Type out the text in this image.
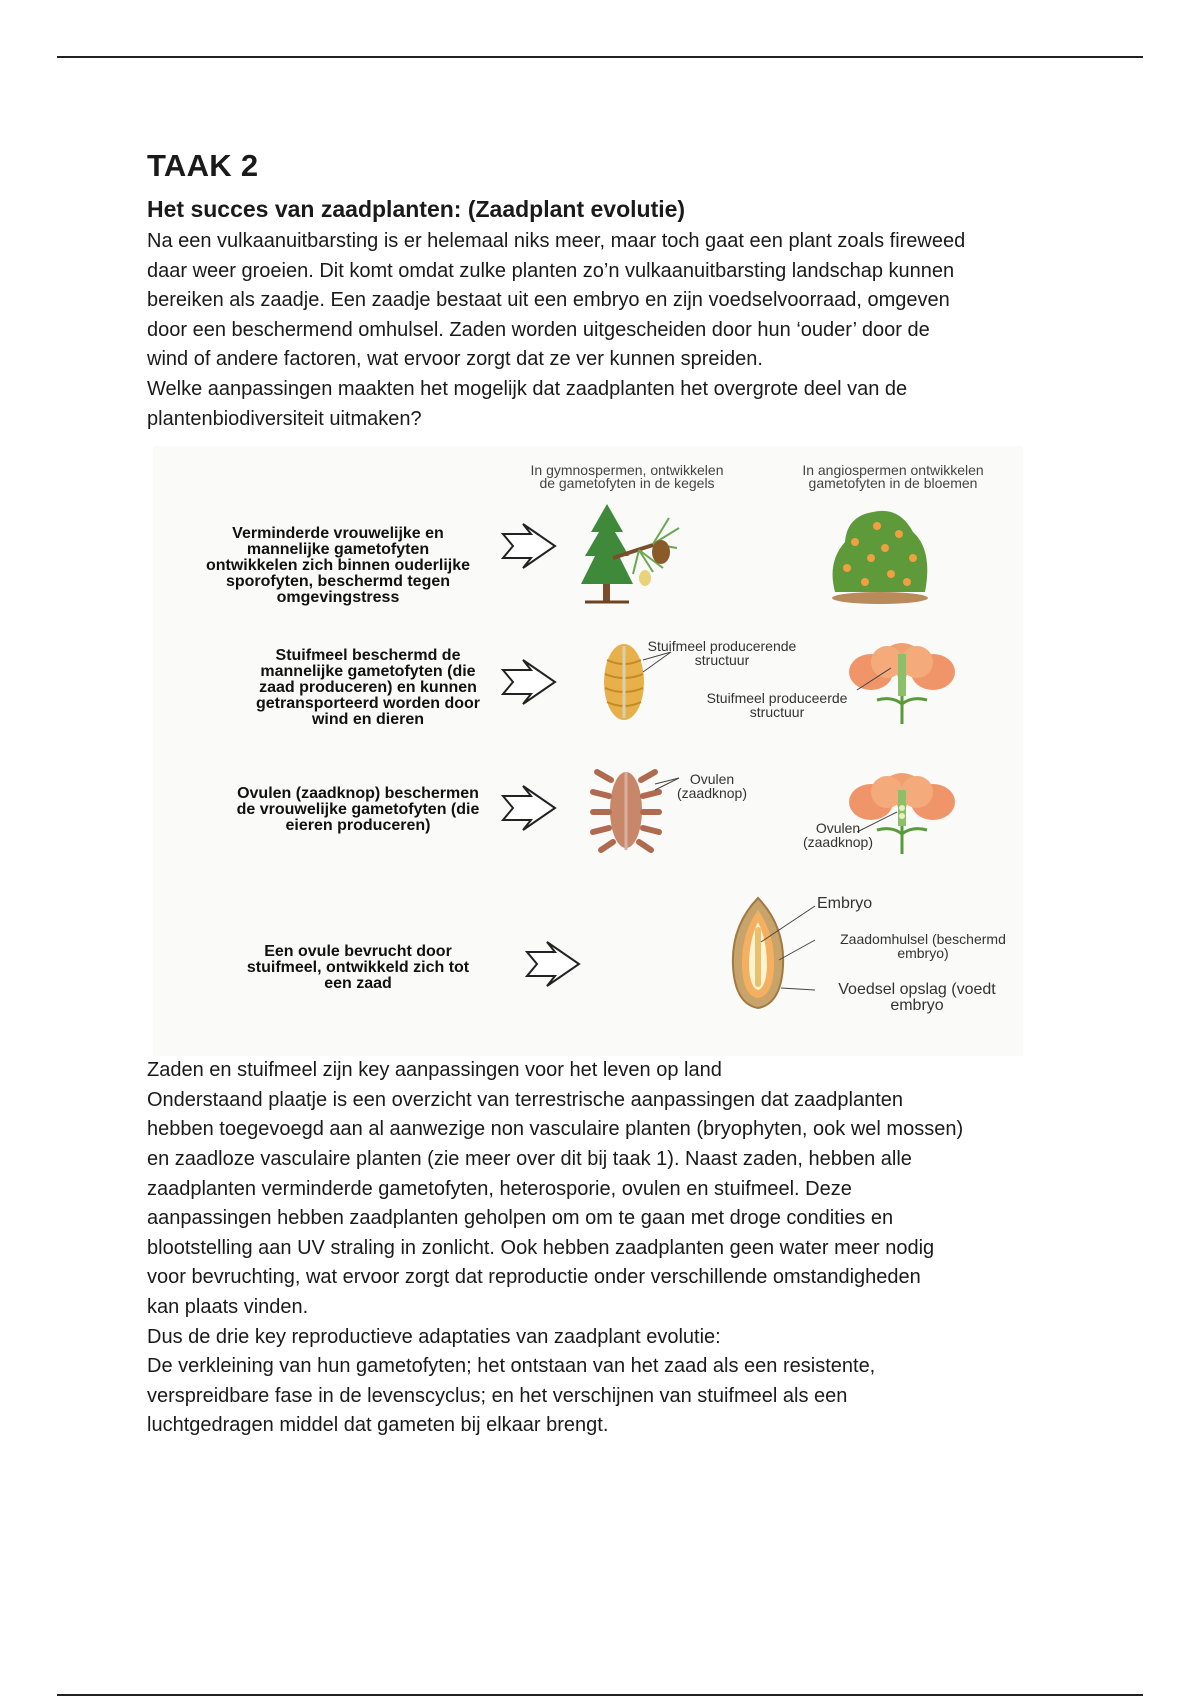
TAAK 2
Het succes van zaadplanten: (Zaadplant evolutie)

Na een vulkaanuitbarsting is er helemaal niks meer, maar toch gaat een plant zoals fireweed
daar weer groeien. Dit komt omdat zulke planten zo’n vulkaanuitbarsting landschap kunnen
bereiken als zaadje. Een zaadje bestaat uit een embryo en zijn voedselvoorraad, omgeven
door een beschermend omhulsel. Zaden worden uitgescheiden door hun ‘ouder’ door de
wind of andere factoren, wat ervoor zorgt dat ze ver kunnen spreiden.
Welke aanpassingen maakten het mogelijk dat zaadplanten het overgrote deel van de
plantenbiodiversiteit uitmaken?

In gymnospermen, ontwikkelen
de gametofyten in de kegels
In angiospermen ontwikkelen
gametofyten in de bloemen
Verminderde vrouwelijke en
mannelijke gametofyten
ontwikkelen zich binnen ouderlijke
sporofyten, beschermd tegen
omgevingstress
Stuifmeel beschermd de
mannelijke gametofyten (die
zaad produceren) en kunnen
getransporteerd worden door
wind en dieren
Stuifmeel producerende
structuur
Stuifmeel produceerde
structuur
Ovulen (zaadknop) beschermen
de vrouwelijke gametofyten (die
eieren produceren)
Ovulen
(zaadknop)
Ovulen
(zaadknop)
Een ovule bevrucht door
stuifmeel, ontwikkeld zich tot
een zaad
Embryo
Zaadomhulsel (beschermd
embryo)
Voedsel opslag (voedt
embryo

Zaden en stuifmeel zijn key aanpassingen voor het leven op land
Onderstaand plaatje is een overzicht van terrestrische aanpassingen dat zaadplanten
hebben toegevoegd aan al aanwezige non vasculaire planten (bryophyten, ook wel mossen)
en zaadloze vasculaire planten (zie meer over dit bij taak 1). Naast zaden, hebben alle
zaadplanten verminderde gametofyten, heterosporie, ovulen en stuifmeel. Deze
aanpassingen hebben zaadplanten geholpen om om te gaan met droge condities en
blootstelling aan UV straling in zonlicht. Ook hebben zaadplanten geen water meer nodig
voor bevruchting, wat ervoor zorgt dat reproductie onder verschillende omstandigheden
kan plaats vinden.
Dus de drie key reproductieve adaptaties van zaadplant evolutie:
De verkleining van hun gametofyten; het ontstaan van het zaad als een resistente,
verspreidbare fase in de levenscyclus; en het verschijnen van stuifmeel als een
luchtgedragen middel dat gameten bij elkaar brengt.
